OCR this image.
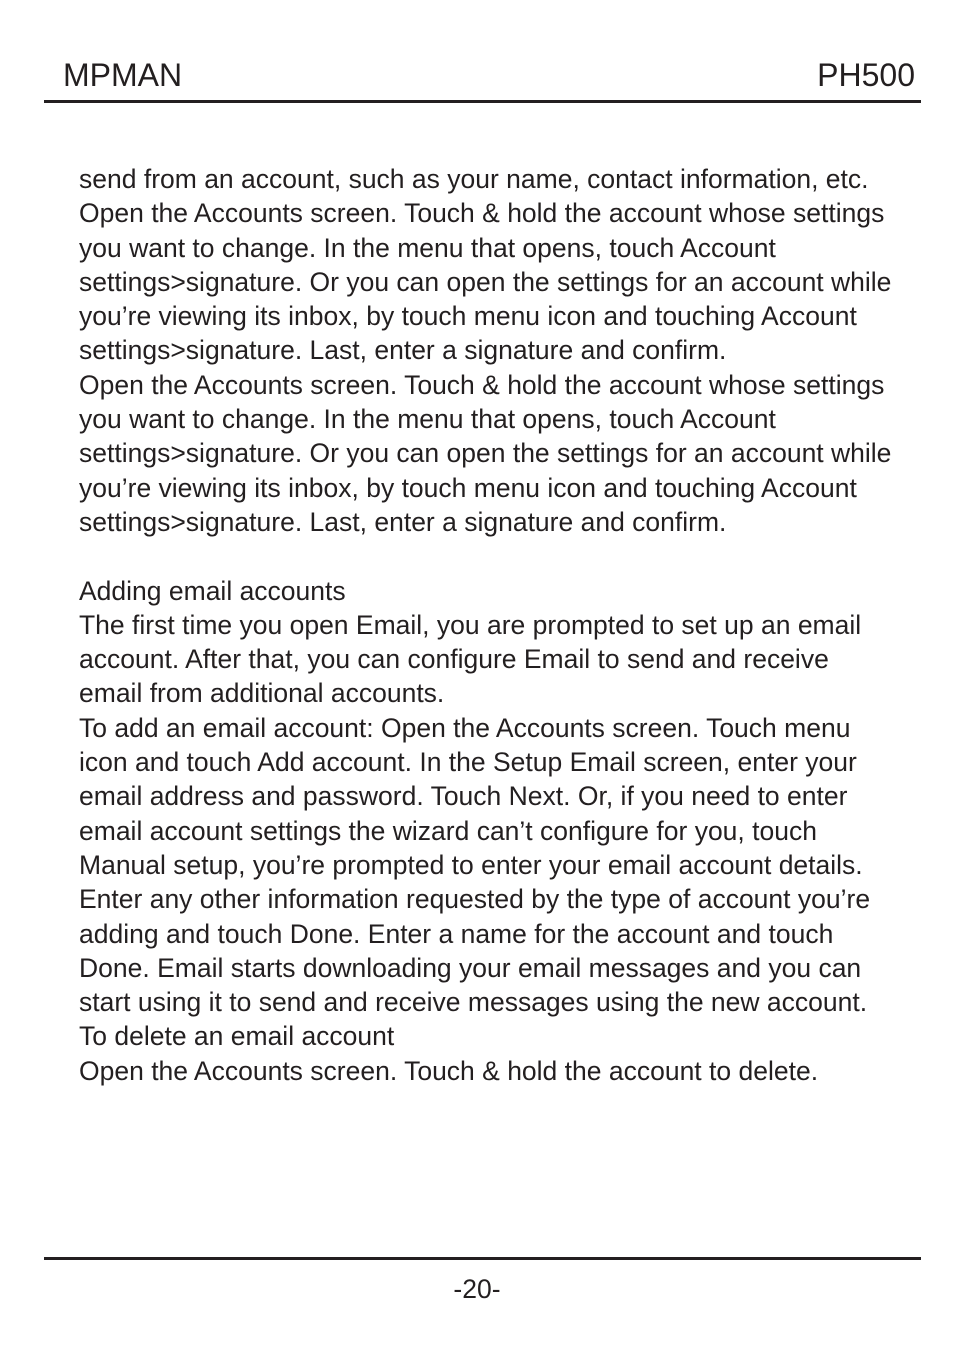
MPMAN	PH500

send from an account, such as your name, contact information, etc.

Open the Accounts screen. Touch & hold the account whose settings you want to change. In the menu that opens, touch Account settings>signature. Or you can open the settings for an account while you’re viewing its inbox, by touch menu icon and touching Account settings>signature. Last, enter a signature and confirm.

Open the Accounts screen. Touch & hold the account whose settings you want to change. In the menu that opens, touch Account settings>signature. Or you can open the settings for an account while you’re viewing its inbox, by touch menu icon and touching Account settings>signature. Last, enter a signature and confirm.

Adding email accounts

The first time you open Email, you are prompted to set up an email account. After that, you can configure Email to send and receive email from additional accounts.

To add an email account: Open the Accounts screen. Touch menu icon and touch Add account. In the Setup Email screen, enter your email address and password. Touch Next. Or, if you need to enter email account settings the wizard can’t configure for you, touch Manual setup, you’re prompted to enter your email account details. Enter any other information requested by the type of account you’re adding and touch Done. Enter a name for the account and touch Done. Email starts downloading your email messages and you can start using it to send and receive messages using the new account.

To delete an email account

Open the Accounts screen. Touch & hold the account to delete.

-20-
